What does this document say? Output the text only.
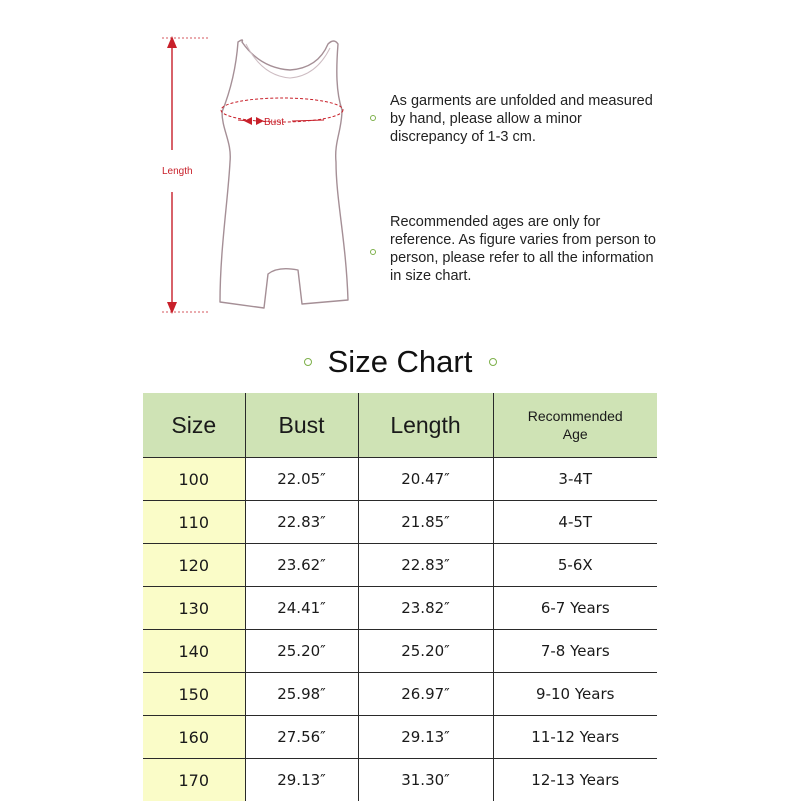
Length
Bust
As garments are unfolded and measured by hand, please allow a minor discrepancy of 1-3 cm.
Recommended ages are only for reference. As figure varies from person to person, please refer to all the information in size chart.
Size Chart
Size	Bust	Length	Recommended
Age
100	22.05″	20.47″	3-4T
110	22.83″	21.85″	4-5T
120	23.62″	22.83″	5-6X
130	24.41″	23.82″	6-7 Years
140	25.20″	25.20″	7-8 Years
150	25.98″	26.97″	9-10 Years
160	27.56″	29.13″	11-12 Years
170	29.13″	31.30″	12-13 Years
